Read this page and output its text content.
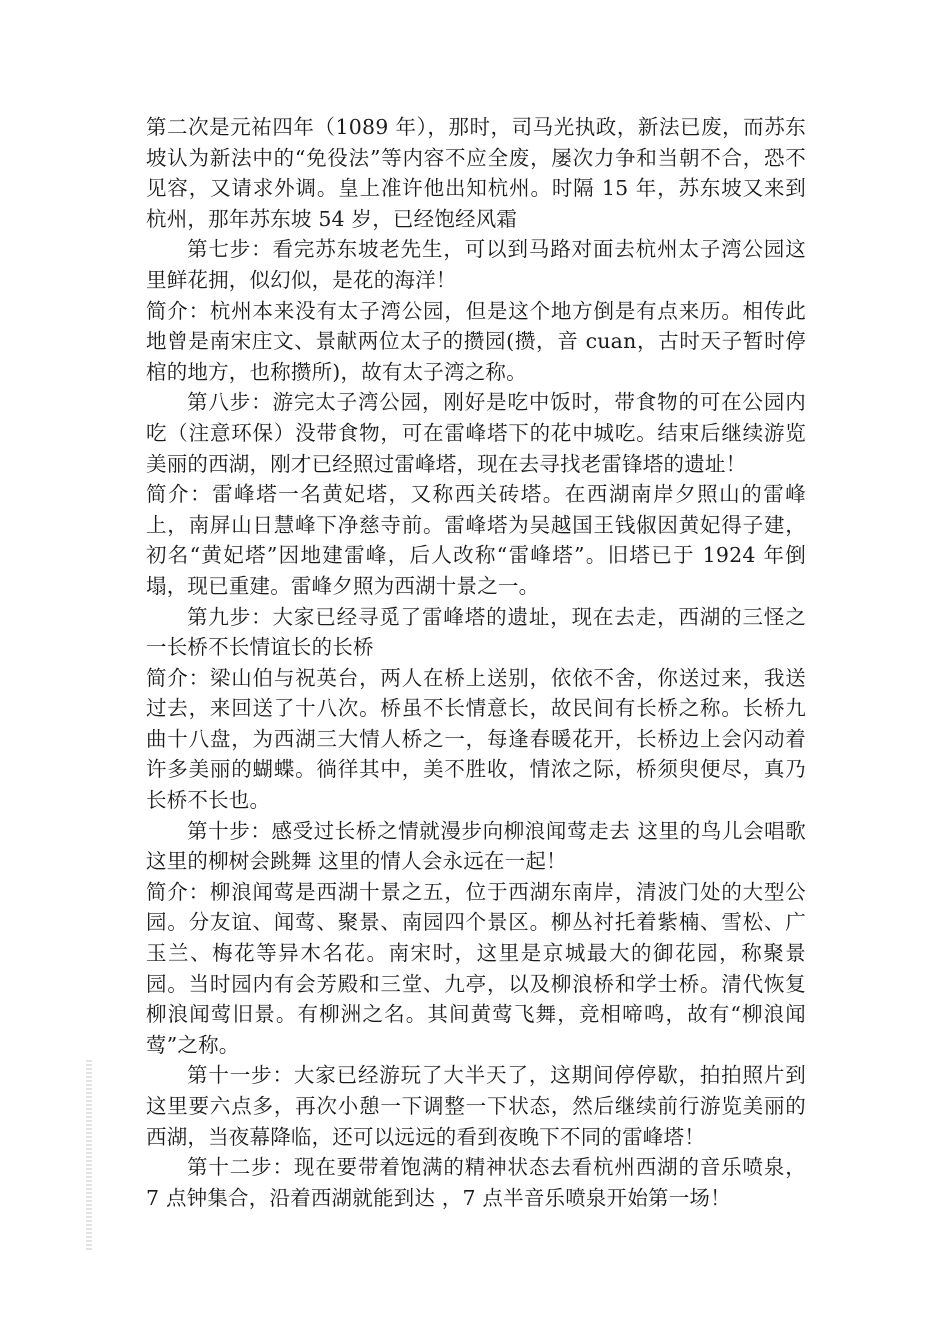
第二次是元祐四年（1089 年），那时，司马光执政，新法已废，而苏东坡认为新法中的“免役法”等内容不应全废，屡次力争和当朝不合，恐不见容，又请求外调。皇上准许他出知杭州。时隔 15 年，苏东坡又来到杭州，那年苏东坡 54 岁，已经饱经风霜

第七步：看完苏东坡老先生，可以到马路对面去杭州太子湾公园这里鲜花拥，似幻似，是花的海洋！

简介：杭州本来没有太子湾公园，但是这个地方倒是有点来历。相传此地曾是南宋庄文、景献两位太子的攒园(攒，音 cuan，古时天子暂时停棺的地方，也称攒所)，故有太子湾之称。

第八步：游完太子湾公园，刚好是吃中饭时，带食物的可在公园内吃（注意环保）没带食物，可在雷峰塔下的花中城吃。结束后继续游览美丽的西湖，刚才已经照过雷峰塔，现在去寻找老雷锋塔的遗址！

简介：雷峰塔一名黄妃塔，又称西关砖塔。在西湖南岸夕照山的雷峰上，南屏山日慧峰下净慈寺前。雷峰塔为吴越国王钱俶因黄妃得子建，初名“黄妃塔”因地建雷峰，后人改称“雷峰塔”。旧塔已于 1924 年倒塌，现已重建。雷峰夕照为西湖十景之一。

第九步：大家已经寻觅了雷峰塔的遗址，现在去走，西湖的三怪之一长桥不长情谊长的长桥

简介：梁山伯与祝英台，两人在桥上送别，依依不舍，你送过来，我送过去，来回送了十八次。桥虽不长情意长，故民间有长桥之称。长桥九曲十八盘，为西湖三大情人桥之一，每逢春暖花开，长桥边上会闪动着许多美丽的蝴蝶。徜徉其中，美不胜收，情浓之际，桥须臾便尽，真乃长桥不长也。

第十步：感受过长桥之情就漫步向柳浪闻莺走去 这里的鸟儿会唱歌 这里的柳树会跳舞 这里的情人会永远在一起！

简介：柳浪闻莺是西湖十景之五，位于西湖东南岸，清波门处的大型公园。分友谊、闻莺、聚景、南园四个景区。柳丛衬托着紫楠、雪松、广玉兰、梅花等异木名花。南宋时，这里是京城最大的御花园，称聚景园。当时园内有会芳殿和三堂、九亭，以及柳浪桥和学士桥。清代恢复柳浪闻莺旧景。有柳洲之名。其间黄莺飞舞，竞相啼鸣，故有“柳浪闻莺”之称。

第十一步：大家已经游玩了大半天了，这期间停停歇，拍拍照片到这里要六点多，再次小憩一下调整一下状态，然后继续前行游览美丽的西湖，当夜幕降临，还可以远远的看到夜晚下不同的雷峰塔！

第十二步：现在要带着饱满的精神状态去看杭州西湖的音乐喷泉， 7 点钟集合，沿着西湖就能到达 ，7 点半音乐喷泉开始第一场！
